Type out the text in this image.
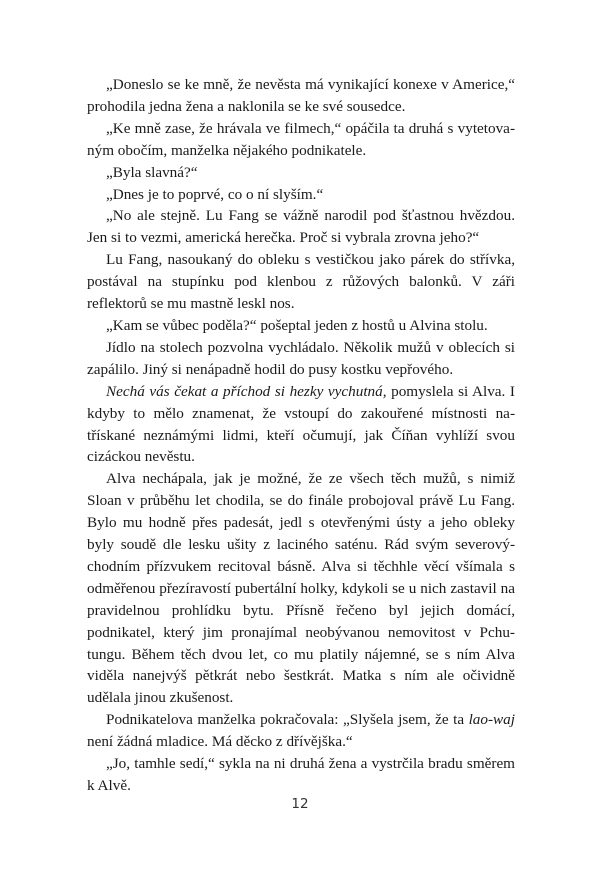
„Doneslo se ke mně, že nevěsta má vynikající konexe v Americe,“ prohodila jedna žena a naklonila se ke své sousedce.

„Ke mně zase, že hrávala ve filmech,“ opáčila ta druhá s vytetovaným obočím, manželka nějakého podnikatele.

„Byla slavná?“

„Dnes je to poprvé, co o ní slyším.“

„No ale stejně. Lu Fang se vážně narodil pod šťastnou hvězdou. Jen si to vezmi, americká herečka. Proč si vybrala zrovna jeho?“

Lu Fang, nasoukaný do obleku s vestičkou jako párek do střívka, postával na stupínku pod klenbou z růžových balonků. V záři reflektorů se mu mastně leskl nos.

„Kam se vůbec poděla?“ pošeptal jeden z hostů u Alvina stolu.

Jídlo na stolech pozvolna vychládalo. Několik mužů v oblecích si zapálilo. Jiný si nenápadně hodil do pusy kostku vepřového.

Nechá vás čekat a příchod si hezky vychutná, pomyslela si Alva. I kdyby to mělo znamenat, že vstoupí do zakouřené místnosti natřískané neznámými lidmi, kteří očumují, jak Číňan vyhlíží svou cizáckou nevěstu.

Alva nechápala, jak je možné, že ze všech těch mužů, s nimiž Sloan v průběhu let chodila, se do finále probojoval právě Lu Fang. Bylo mu hodně přes padesát, jedl s otevřenými ústy a jeho obleky byly soudě dle lesku ušity z laciného saténu. Rád svým severovýchodním přízvukem recitoval básně. Alva si těchhle věcí všímala s odměřenou přezíravostí pubertální holky, kdykoli se u nich zastavil na pravidelnou prohlídku bytu. Přísně řečeno byl jejich domácí, podnikatel, který jim pronajímal neobývanou nemovitost v Pchu-tungu. Během těch dvou let, co mu platily nájemné, se s ním Alva viděla nanejvýš pětkrát nebo šestkrát. Matka s ním ale očividně udělala jinou zkušenost.

Podnikatelova manželka pokračovala: „Slyšela jsem, že ta lao-waj není žádná mladice. Má děcko z dřívějška.“

„Jo, tamhle sedí,“ sykla na ni druhá žena a vystrčila bradu směrem k Alvě.

12
